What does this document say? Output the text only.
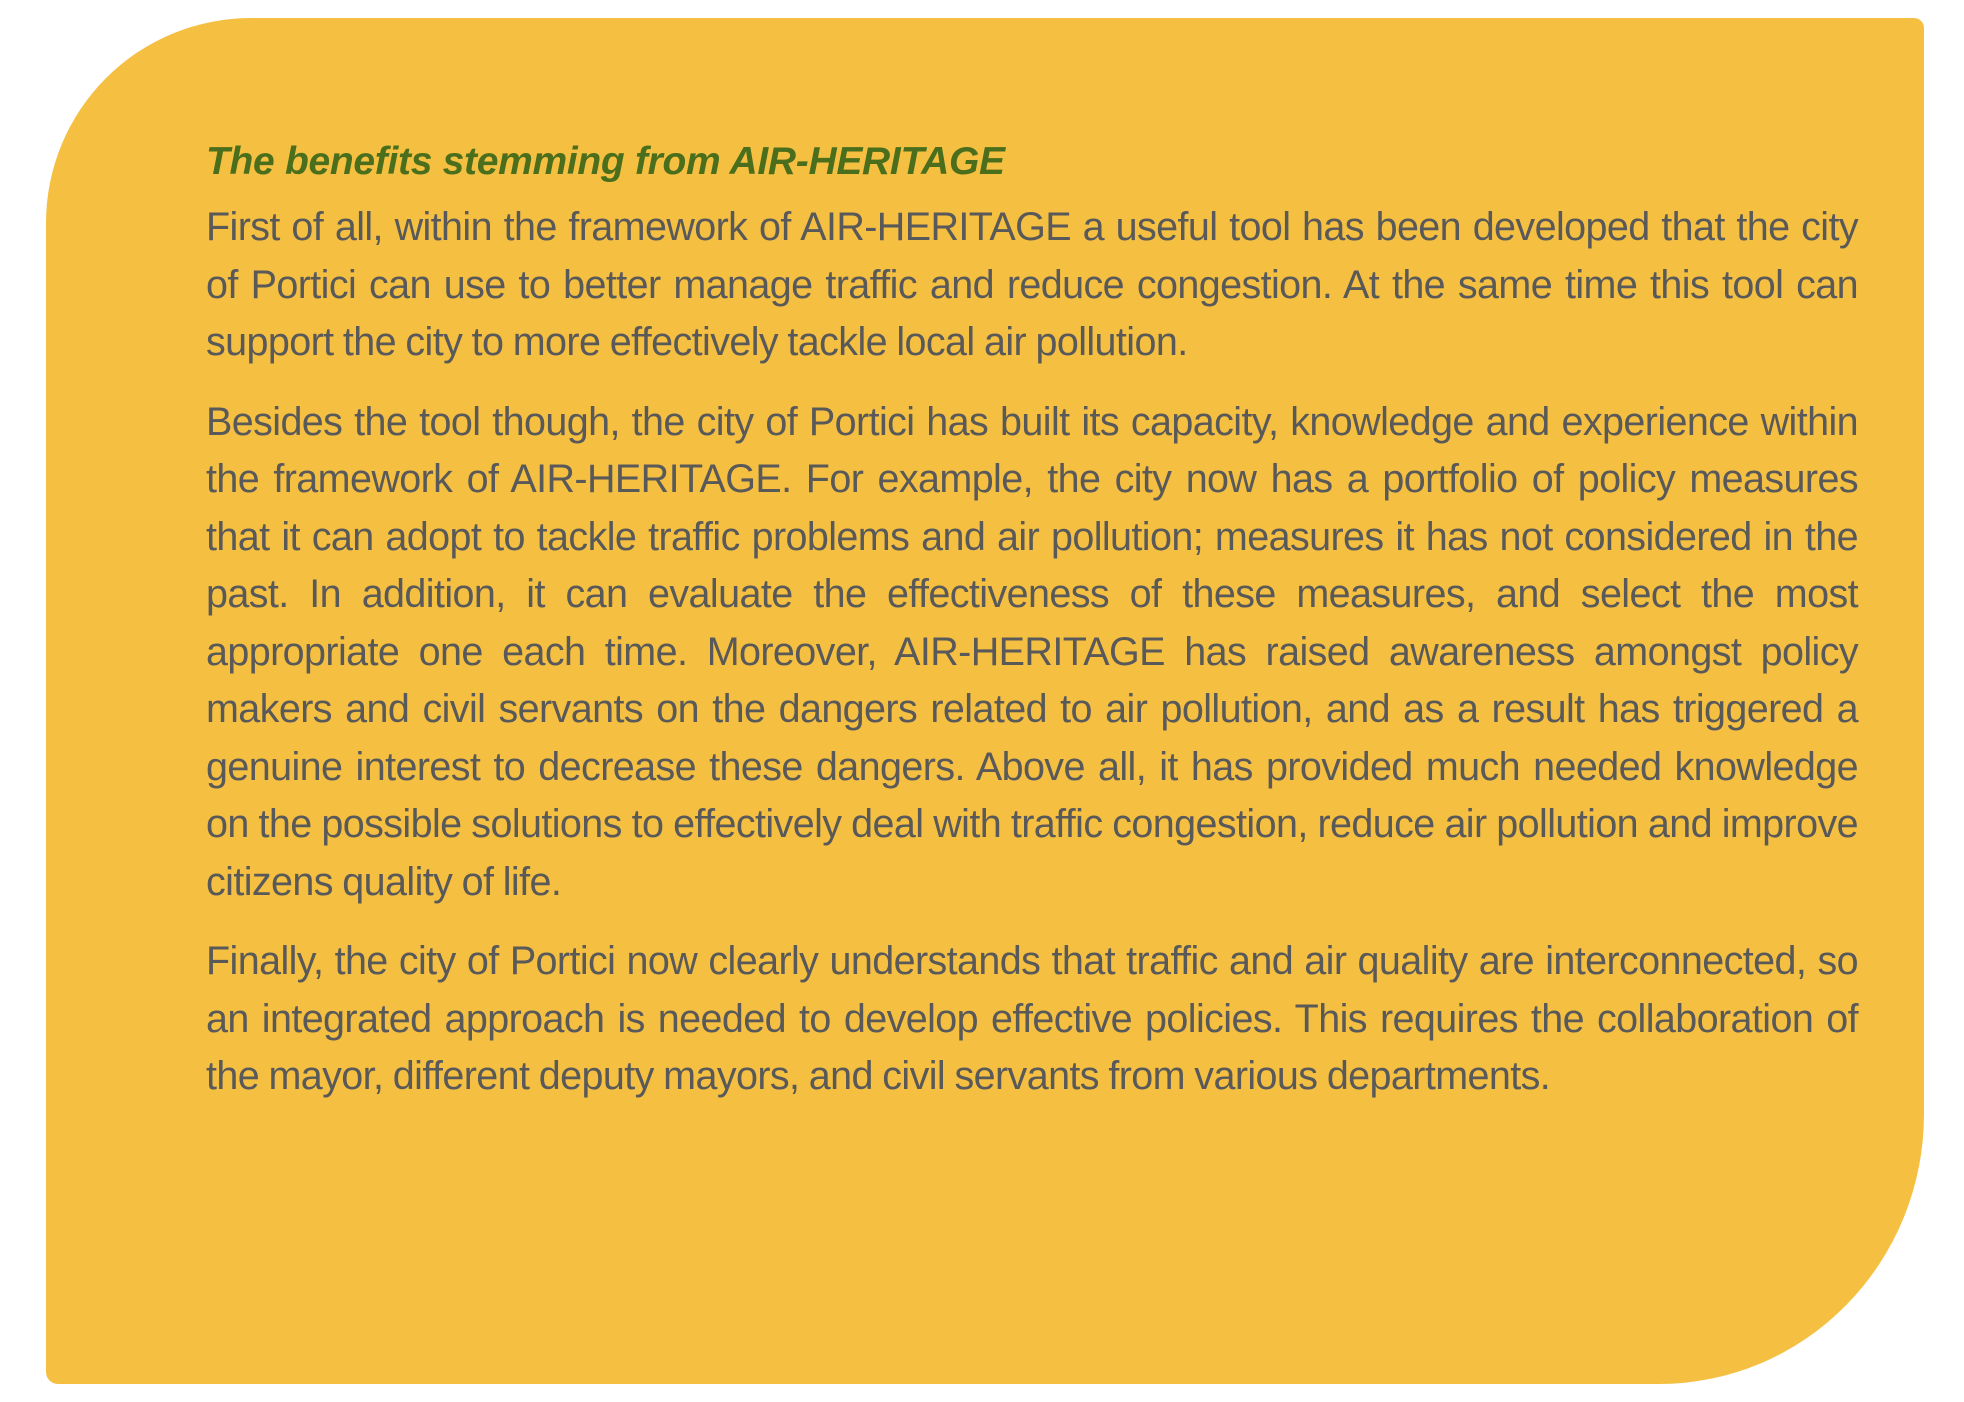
The benefits stemming from AIR-HERITAGE

First of all, within the framework of AIR-HERITAGE a useful tool has been developed that the city of Portici can use to better manage traffic and reduce congestion. At the same time this tool can support the city to more effectively tackle local air pollution.

Besides the tool though, the city of Portici has built its capacity, knowledge and experience within the framework of AIR-HERITAGE. For example, the city now has a portfolio of policy measures that it can adopt to tackle traffic problems and air pollution; measures it has not considered in the past. In addition, it can evaluate the effectiveness of these measures, and select the most appropriate one each time. Moreover, AIR-HERITAGE has raised awareness amongst policy makers and civil servants on the dangers related to air pollution, and as a result has triggered a genuine interest to decrease these dangers. Above all, it has provided much needed knowledge on the possible solutions to effectively deal with traffic congestion, reduce air pollution and improve citizens quality of life.

Finally, the city of Portici now clearly understands that traffic and air quality are interconnected, so an integrated approach is needed to develop effective policies. This requires the collaboration of the mayor, different deputy mayors, and civil servants from various departments.
